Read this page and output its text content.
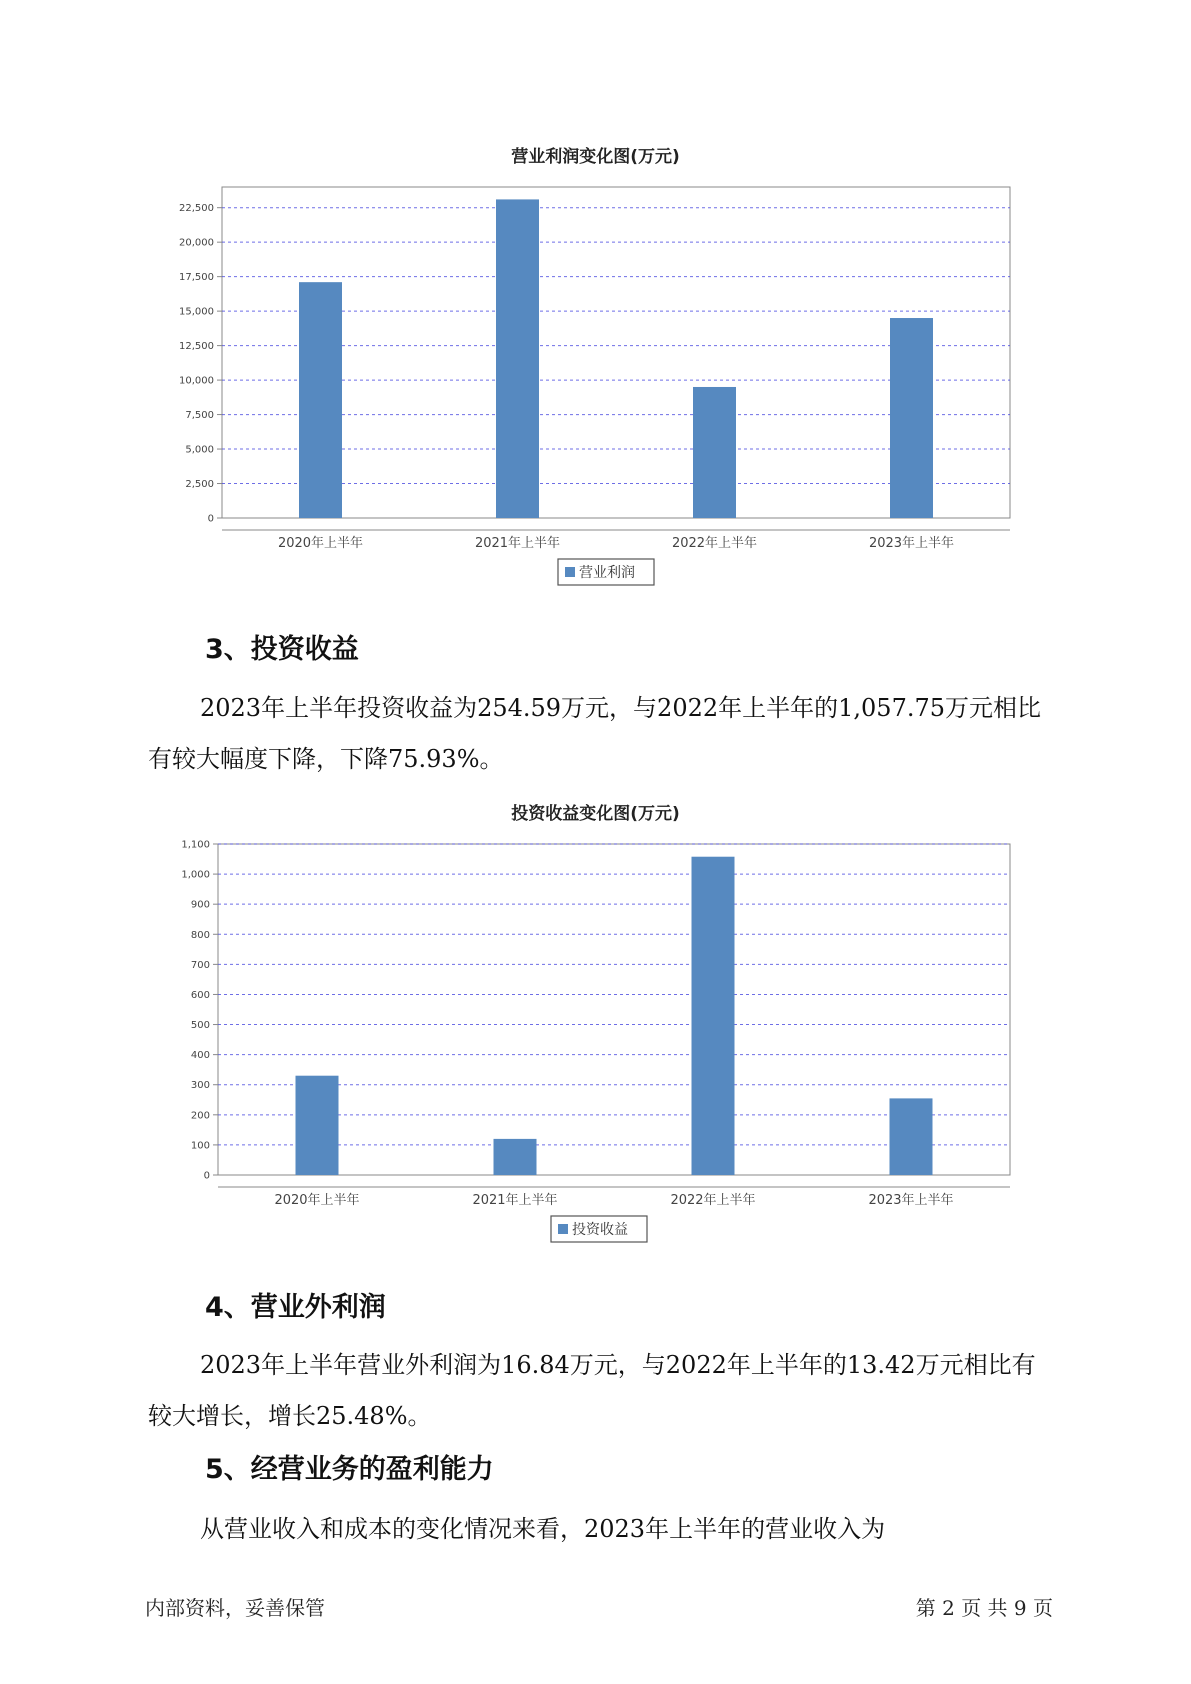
营业利润变化图(万元)
0
2,500
5,000
7,500
10,000
12,500
15,000
17,500
20,000
22,500
2020年上半年	2021年上半年	2022年上半年	2023年上半年
营业利润
3、投资收益

2023年上半年投资收益为254.59万元，与2022年上半年的1,057.75万元相比有较大幅度下降，下降75.93%。

投资收益变化图(万元)
0
100
200
300
400
500
600
700
800
900
1,000
1,100
2020年上半年	2021年上半年	2022年上半年	2023年上半年
投资收益
4、营业外利润

2023年上半年营业外利润为16.84万元，与2022年上半年的13.42万元相比有较大增长，增长25.48%。

5、经营业务的盈利能力

从营业收入和成本的变化情况来看，2023年上半年的营业收入为

内部资料，妥善保管	第 2 页 共 9 页
